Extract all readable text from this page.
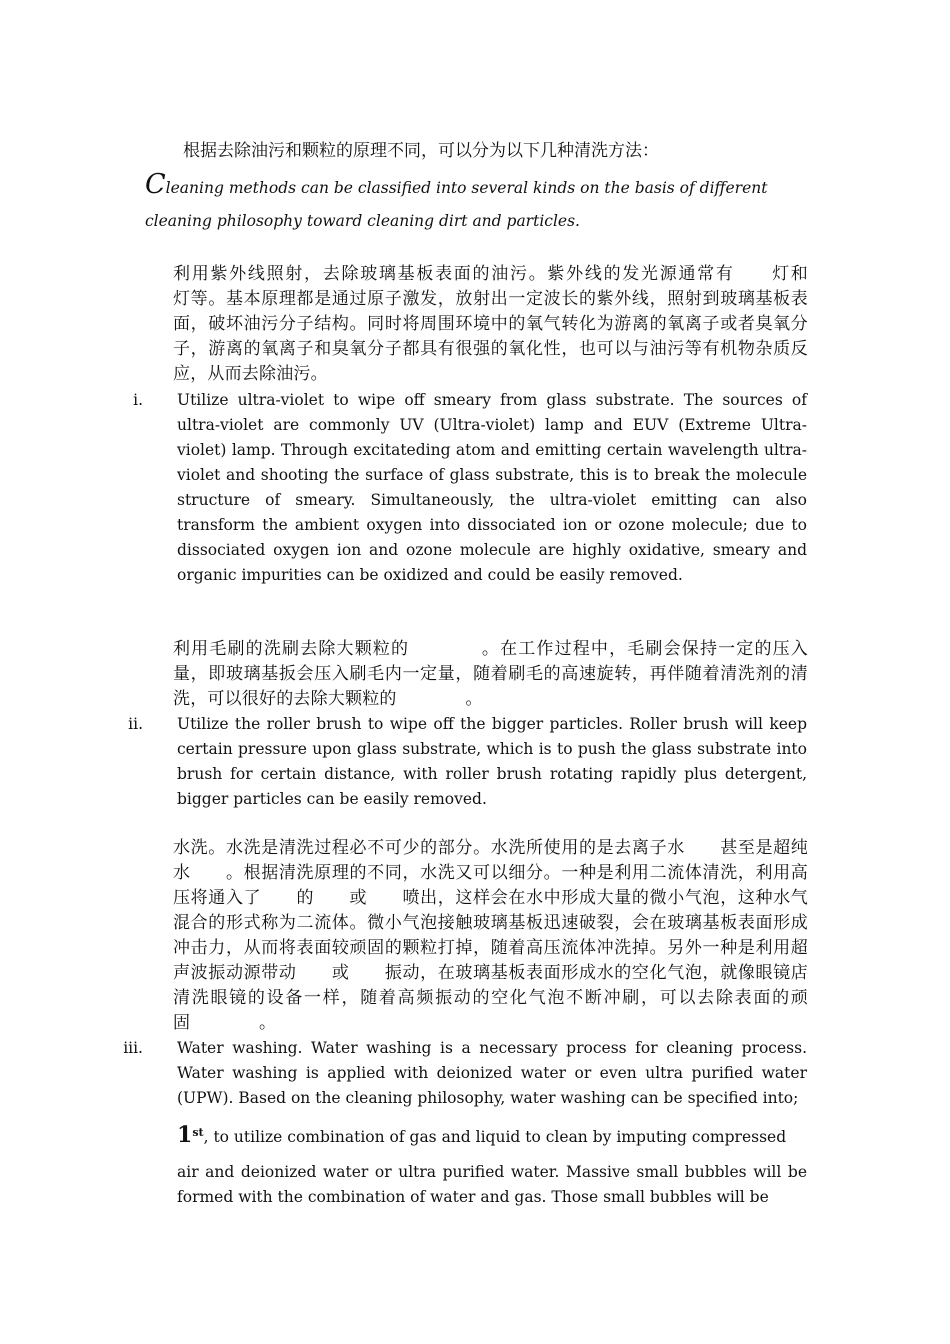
根据去除油污和颗粒的原理不同，可以分为以下几种清洗方法：
Cleaning methods can be classified into several kinds on the basis of different cleaning philosophy toward cleaning dirt and particles.

利用紫外线照射，去除玻璃基板表面的油污。紫外线的发光源通常有　　灯和　　灯等。基本原理都是通过原子激发，放射出一定波长的紫外线，照射到玻璃基板表面，破坏油污分子结构。同时将周围环境中的氧气转化为游离的氧离子或者臭氧分子，游离的氧离子和臭氧分子都具有很强的氧化性，也可以与油污等有机物杂质反应，从而去除油污。

i. Utilize ultra-violet to wipe off smeary from glass substrate. The sources of ultra-violet are commonly UV (Ultra-violet) lamp and EUV (Extreme Ultra-violet) lamp. Through excitateding atom and emitting certain wavelength ultra-violet and shooting the surface of glass substrate, this is to break the molecule structure of smeary. Simultaneously, the ultra-violet emitting can also transform the ambient oxygen into dissociated ion or ozone molecule; due to dissociated oxygen ion and ozone molecule are highly oxidative, smeary and organic impurities can be oxidized and could be easily removed.

利用毛刷的洗刷去除大颗粒的　　　　。在工作过程中，毛刷会保持一定的压入量，即玻璃基扳会压入刷毛内一定量，随着刷毛的高速旋转，再伴随着清洗剂的清洗，可以很好的去除大颗粒的　　　　。

ii. Utilize the roller brush to wipe off the bigger particles. Roller brush will keep certain pressure upon glass substrate, which is to push the glass substrate into brush for certain distance, with roller brush rotating rapidly plus detergent, bigger particles can be easily removed.

水洗。水洗是清洗过程必不可少的部分。水洗所使用的是去离子水　　甚至是超纯水　　。根据清洗原理的不同，水洗又可以细分。一种是利用二流体清洗，利用高压将通入了　　的　　或　　喷出，这样会在水中形成大量的微小气泡，这种水气混合的形式称为二流体。微小气泡接触玻璃基板迅速破裂，会在玻璃基板表面形成冲击力，从而将表面较顽固的颗粒打掉，随着高压流体冲洗掉。另外一种是利用超声波振动源带动　　或　　振动，在玻璃基板表面形成水的空化气泡，就像眼镜店清洗眼镜的设备一样，随着高频振动的空化气泡不断冲刷，可以去除表面的顽固　　　　。

iii. Water washing. Water washing is a necessary process for cleaning process. Water washing is applied with deionized water or even ultra purified water (UPW). Based on the cleaning philosophy, water washing can be specified into;

1st, to utilize combination of gas and liquid to clean by imputing compressed

air and deionized water or ultra purified water. Massive small bubbles will be formed with the combination of water and gas. Those small bubbles will be
